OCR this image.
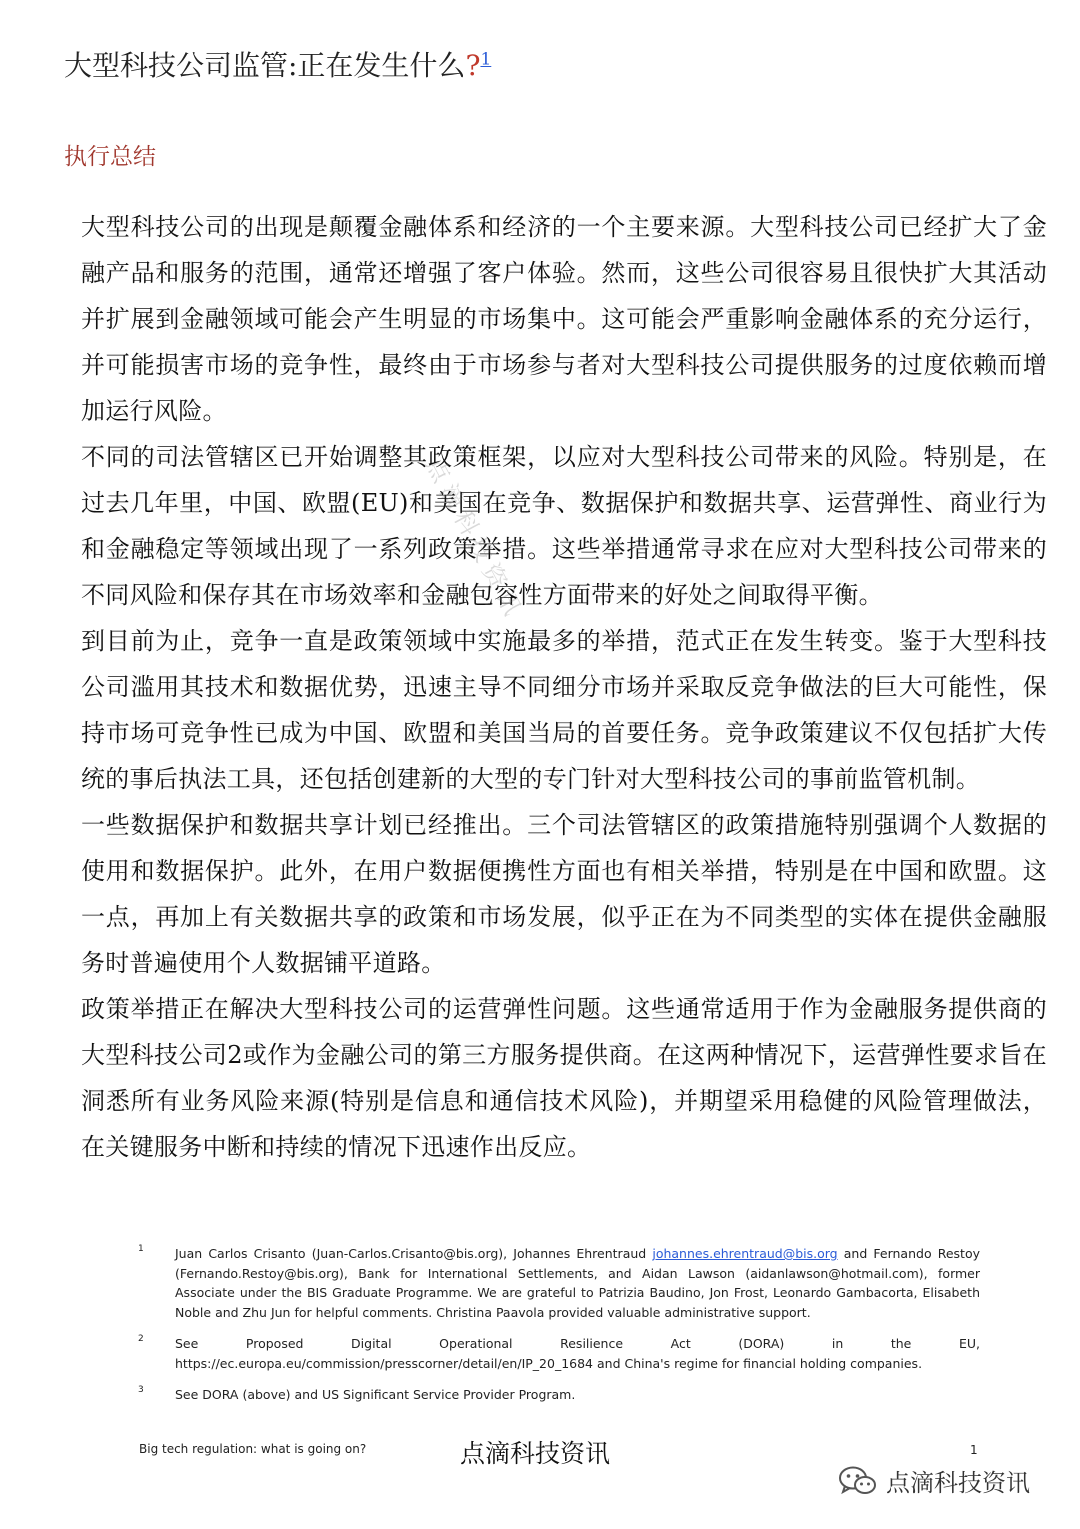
大型科技公司监管:正在发生什么?$^1$
执行总结

大型科技公司的出现是颠覆金融体系和经济的一个主要来源。大型科技公司已经扩大了金融产品和服务的范围，通常还增强了客户体验。然而，这些公司很容易且很快扩大其活动并扩展到金融领域可能会产生明显的市场集中。这可能会严重影响金融体系的充分运行，并可能损害市场的竞争性，最终由于市场参与者对大型科技公司提供服务的过度依赖而增加运行风险。

不同的司法管辖区已开始调整其政策框架，以应对大型科技公司带来的风险。特别是，在过去几年里，中国、欧盟(EU)和美国在竞争、数据保护和数据共享、运营弹性、商业行为和金融稳定等领域出现了一系列政策举措。这些举措通常寻求在应对大型科技公司带来的不同风险和保存其在市场效率和金融包容性方面带来的好处之间取得平衡。

到目前为止，竞争一直是政策领域中实施最多的举措，范式正在发生转变。鉴于大型科技公司滥用其技术和数据优势，迅速主导不同细分市场并采取反竞争做法的巨大可能性，保持市场可竞争性已成为中国、欧盟和美国当局的首要任务。竞争政策建议不仅包括扩大传统的事后执法工具，还包括创建新的大型的专门针对大型科技公司的事前监管机制。

一些数据保护和数据共享计划已经推出。三个司法管辖区的政策措施特别强调个人数据的使用和数据保护。此外，在用户数据便携性方面也有相关举措，特别是在中国和欧盟。这一点，再加上有关数据共享的政策和市场发展，似乎正在为不同类型的实体在提供金融服务时普遍使用个人数据铺平道路。

政策举措正在解决大型科技公司的运营弹性问题。这些通常适用于作为金融服务提供商的大型科技公司2或作为金融公司的第三方服务提供商。在这两种情况下，运营弹性要求旨在洞悉所有业务风险来源(特别是信息和通信技术风险)，并期望采用稳健的风险管理做法，在关键服务中断和持续的情况下迅速作出反应。

点滴科技资讯
1	Juan Carlos Crisanto (Juan-Carlos.Crisanto@bis.org), Johannes Ehrentraud johannes.ehrentraud@bis.org and Fernando Restoy (Fernando.Restoy@bis.org), Bank for International Settlements, and Aidan Lawson (aidanlawson@hotmail.com), former Associate under the BIS Graduate Programme. We are grateful to Patrizia Baudino, Jon Frost, Leonardo Gambacorta, Elisabeth Noble and Zhu Jun for helpful comments. Christina Paavola provided valuable administrative support.
2	See Proposed Digital Operational Resilience Act (DORA) in the EU, https://ec.europa.eu/commission/presscorner/detail/en/IP_20_1684 and China's regime for financial holding companies.
3	See DORA (above) and US Significant Service Provider Program.
Big tech regulation: what is going on?	点滴科技资讯	1
点滴科技资讯
